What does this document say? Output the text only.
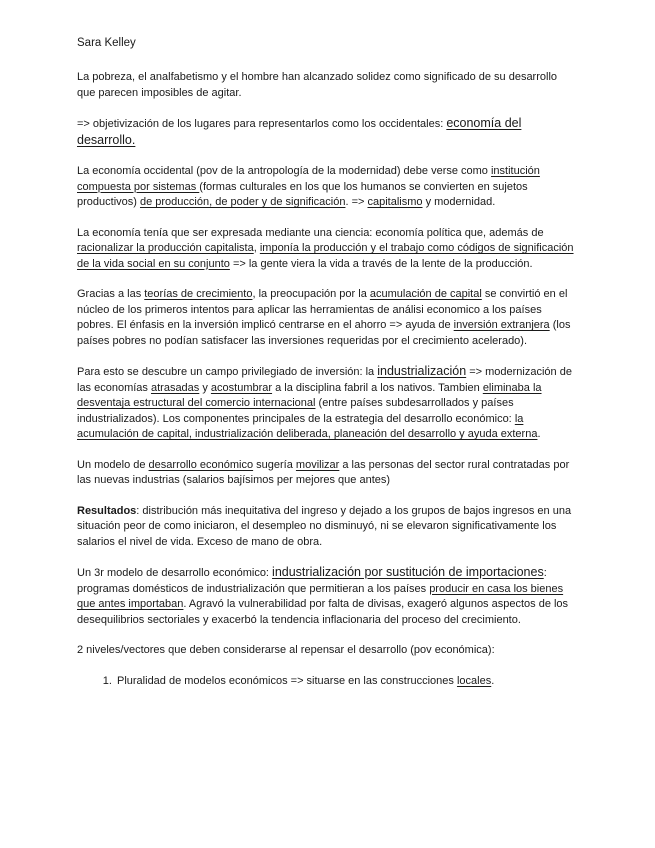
Sara Kelley

La pobreza, el analfabetismo y el hombre han alcanzado solidez como significado de su desarrollo que parecen imposibles de agitar.

=> objetivización de los lugares para representarlos como los occidentales: economía del desarrollo.

La economía occidental (pov de la antropología de la modernidad) debe verse como institución compuesta por sistemas (formas culturales en los que los humanos se convierten en sujetos productivos) de producción, de poder y de significación. => capitalismo y modernidad.

La economía tenía que ser expresada mediante una ciencia: economía política que, además de racionalizar la producción capitalista, imponía la producción y el trabajo como códigos de significación de la vida social en su conjunto => la gente viera la vida a través de la lente de la producción.

Gracias a las teorías de crecimiento, la preocupación por la acumulación de capital se convirtió en el núcleo de los primeros intentos para aplicar las herramientas de análisi economico a los países pobres. El énfasis en la inversión implicó centrarse en el ahorro => ayuda de inversión extranjera (los países pobres no podían satisfacer las inversiones requeridas por el crecimiento acelerado).

Para esto se descubre un campo privilegiado de inversión: la industrialización => modernización de las economías atrasadas y acostumbrar a la disciplina fabril a los nativos. Tambien eliminaba la desventaja estructural del comercio internacional (entre países subdesarrollados y países industrializados). Los componentes principales de la estrategia del desarrollo económico: la acumulación de capital, industrialización deliberada, planeación del desarrollo y ayuda externa.

Un modelo de desarrollo económico sugería movilizar a las personas del sector rural contratadas por las nuevas industrias (salarios bajísimos per mejores que antes)

Resultados: distribución más inequitativa del ingreso y dejado a los grupos de bajos ingresos en una situación peor de como iniciaron, el desempleo no disminuyó, ni se elevaron significativamente los salarios el nivel de vida. Exceso de mano de obra.

Un 3r modelo de desarrollo económico: industrialización por sustitución de importaciones: programas domésticos de industrialización que permitieran a los países producir en casa los bienes que antes importaban. Agravó la vulnerabilidad por falta de divisas, exageró algunos aspectos de los desequilibrios sectoriales y exacerbó la tendencia inflacionaria del proceso del crecimiento.

2 niveles/vectores que deben considerarse al repensar el desarrollo (pov económica):

1. Pluralidad de modelos económicos => situarse en las construcciones locales.
